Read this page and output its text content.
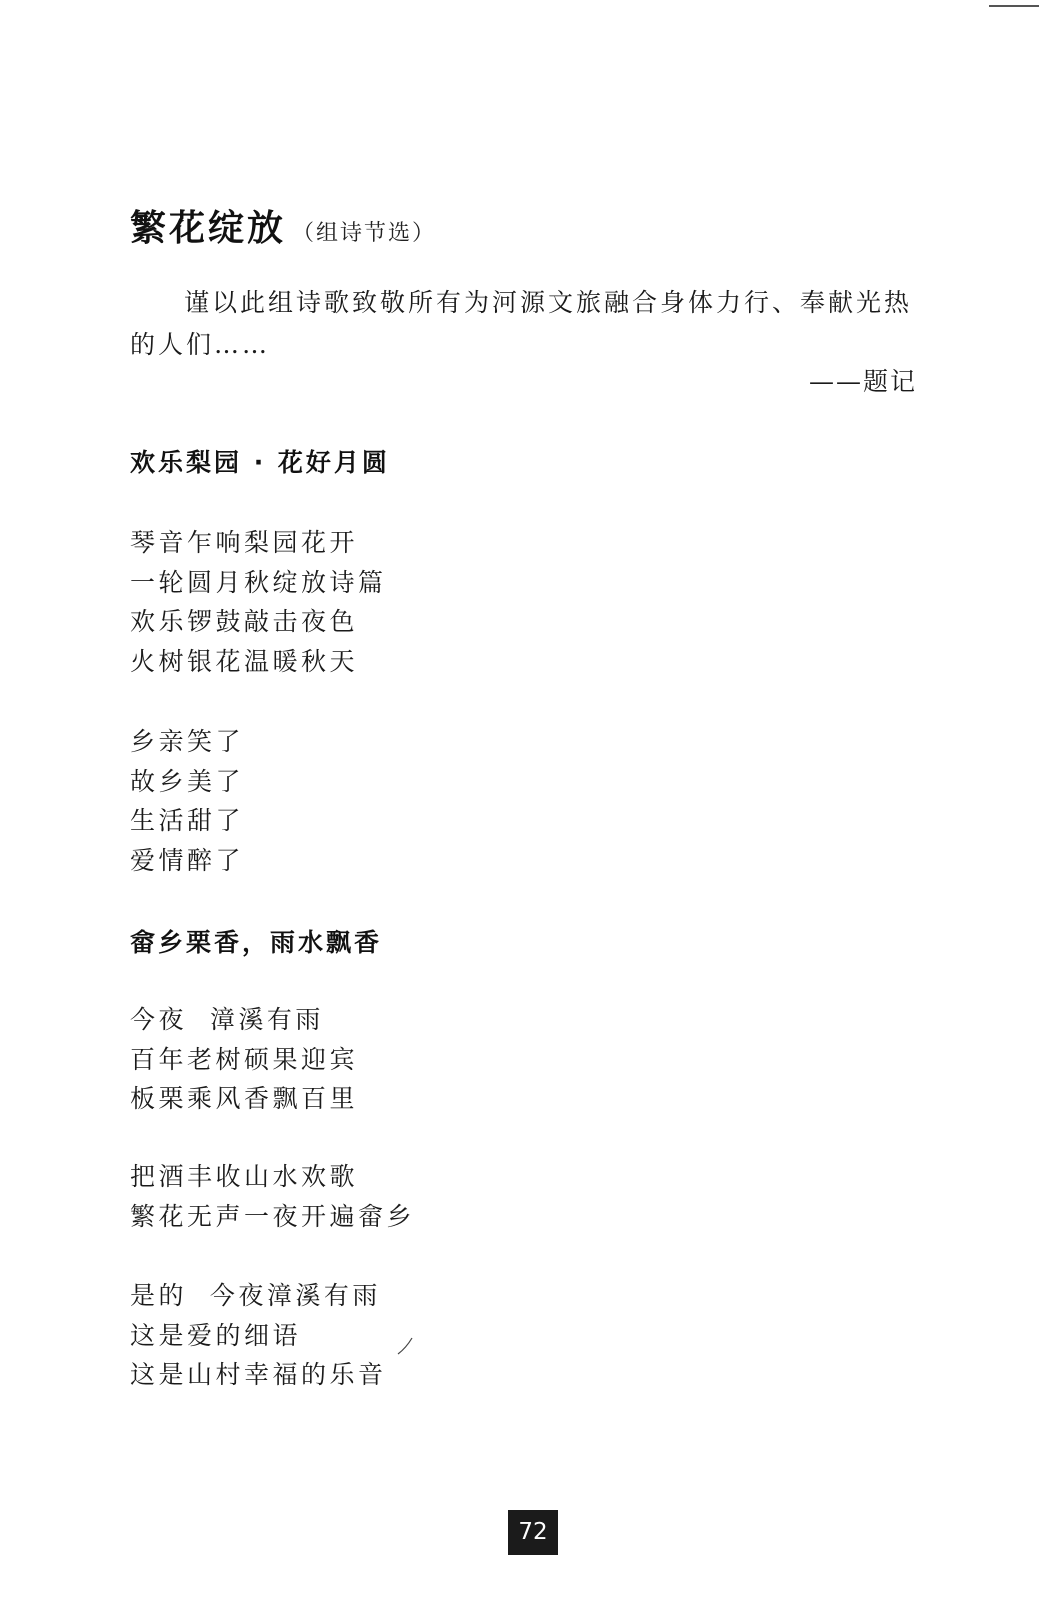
繁花绽放 （组诗节选）
谨以此组诗歌致敬所有为河源文旅融合身体力行、奉献光热的人们……
——题记
欢乐梨园 · 花好月圆
琴音乍响梨园花开
一轮圆月秋绽放诗篇
欢乐锣鼓敲击夜色
火树银花温暖秋天
乡亲笑了
故乡美了
生活甜了
爱情醉了
畲乡栗香，雨水飘香
今夜  漳溪有雨
百年老树硕果迎宾
板栗乘风香飘百里
把酒丰收山水欢歌
繁花无声一夜开遍畲乡
是的  今夜漳溪有雨
这是爱的细语
这是山村幸福的乐音
72
